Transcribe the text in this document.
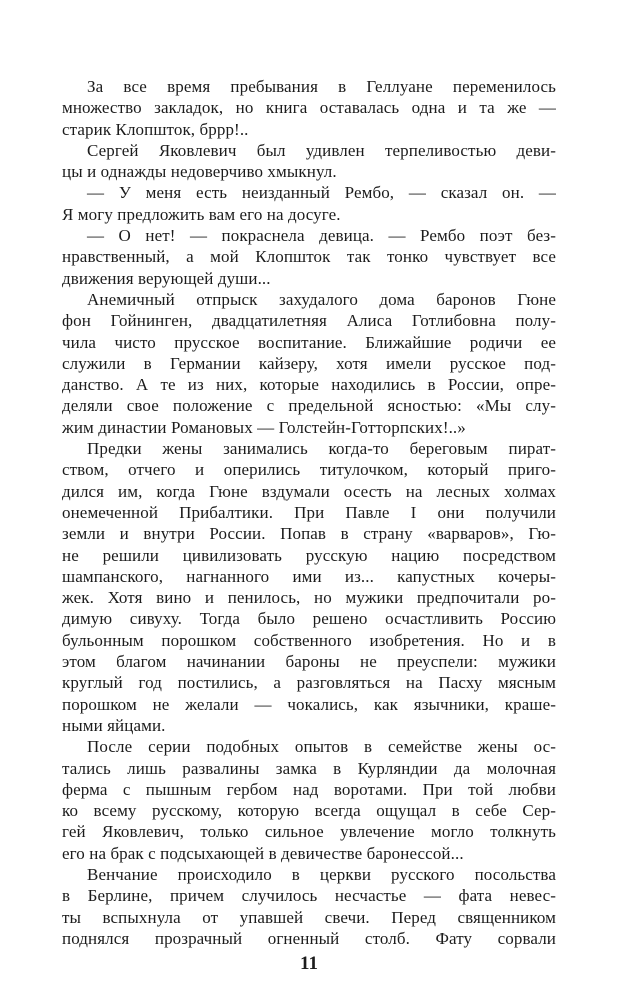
За все время пребывания в Геллуане переменилось
множество закладок, но книга оставалась одна и та же —
старик Клопшток, бррр!..
Сергей Яковлевич был удивлен терпеливостью деви-
цы и однажды недоверчиво хмыкнул.
— У меня есть неизданный Рембо, — сказал он. —
Я могу предложить вам его на досуге.
— О нет! — покраснела девица. — Рембо поэт без-
нравственный, а мой Клопшток так тонко чувствует все
движения верующей души...
Анемичный отпрыск захудалого дома баронов Гюне
фон Гойнинген, двадцатилетняя Алиса Готлибовна полу-
чила чисто прусское воспитание. Ближайшие родичи ее
служили в Германии кайзеру, хотя имели русское под-
данство. А те из них, которые находились в России, опре-
деляли свое положение с предельной ясностью: «Мы слу-
жим династии Романовых — Голстейн-Готторпских!..»
Предки жены занимались когда-то береговым пират-
ством, отчего и оперились титулочком, который приго-
дился им, когда Гюне вздумали осесть на лесных холмах
онемеченной Прибалтики. При Павле I они получили
земли и внутри России. Попав в страну «варваров», Гю-
не решили цивилизовать русскую нацию посредством
шампанского, нагнанного ими из... капустных кочеры-
жек. Хотя вино и пенилось, но мужики предпочитали ро-
димую сивуху. Тогда было решено осчастливить Россию
бульонным порошком собственного изобретения. Но и в
этом благом начинании бароны не преуспели: мужики
круглый год постились, а разговляться на Пасху мясным
порошком не желали — чокались, как язычники, краше-
ными яйцами.
После серии подобных опытов в семействе жены ос-
тались лишь развалины замка в Курляндии да молочная
ферма с пышным гербом над воротами. При той любви
ко всему русскому, которую всегда ощущал в себе Сер-
гей Яковлевич, только сильное увлечение могло толкнуть
его на брак с подсыхающей в девичестве баронессой...
Венчание происходило в церкви русского посольства
в Берлине, причем случилось несчастье — фата невес-
ты вспыхнула от упавшей свечи. Перед священником
поднялся прозрачный огненный столб. Фату сорвали
11
